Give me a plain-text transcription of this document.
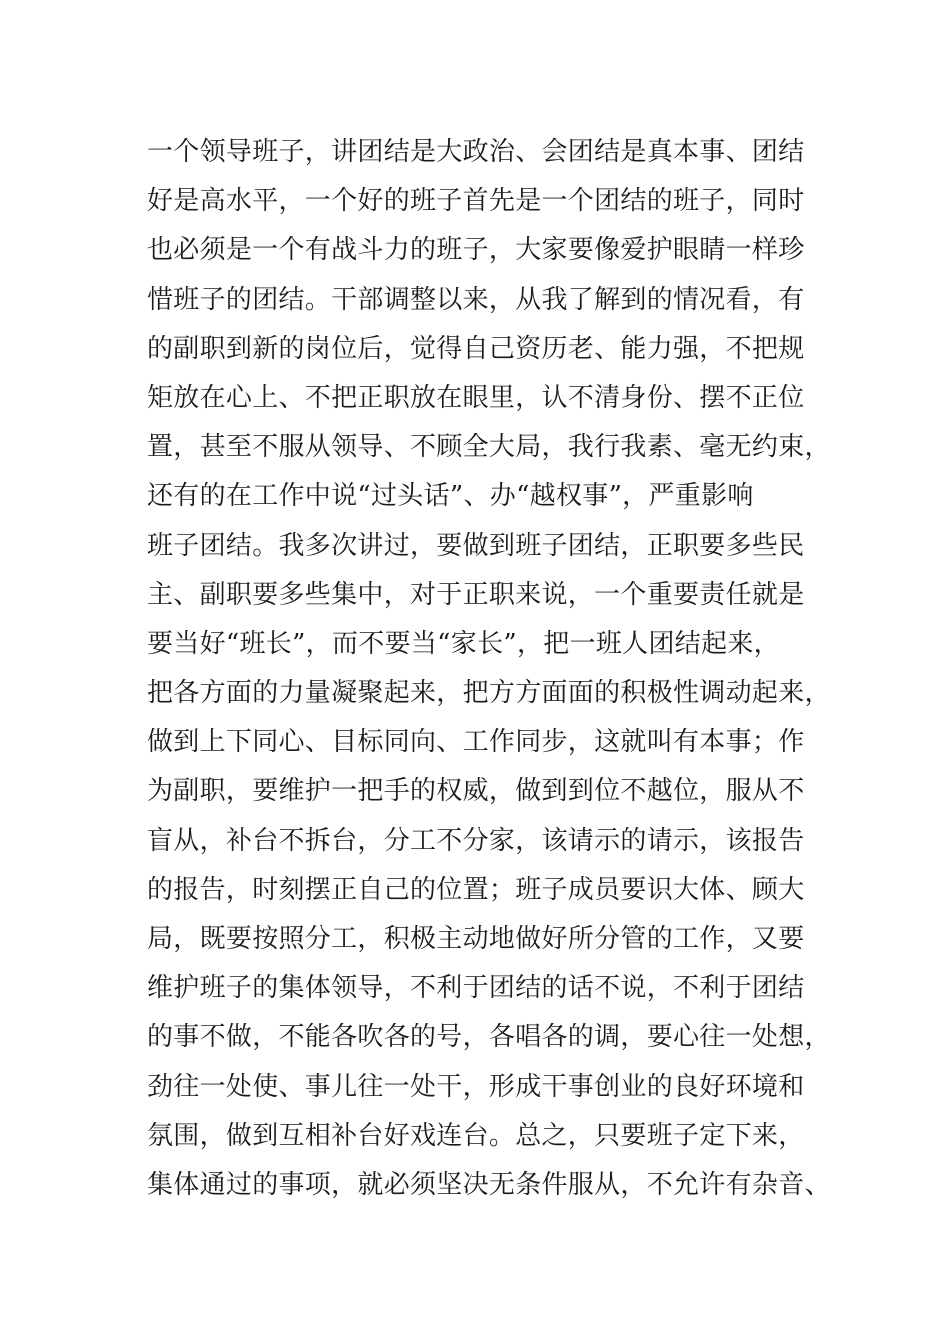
一个领导班子，讲团结是大政治、会团结是真本事、团结
好是高水平，一个好的班子首先是一个团结的班子，同时
也必须是一个有战斗力的班子，大家要像爱护眼睛一样珍
惜班子的团结。干部调整以来，从我了解到的情况看，有
的副职到新的岗位后，觉得自己资历老、能力强，不把规
矩放在心上、不把正职放在眼里，认不清身份、摆不正位
置，甚至不服从领导、不顾全大局，我行我素、毫无约束，
还有的在工作中说“过头话”、办“越权事”，严重影响
班子团结。我多次讲过，要做到班子团结，正职要多些民
主、副职要多些集中，对于正职来说，一个重要责任就是
要当好“班长”，而不要当“家长”，把一班人团结起来，
把各方面的力量凝聚起来，把方方面面的积极性调动起来，
做到上下同心、目标同向、工作同步，这就叫有本事；作
为副职，要维护一把手的权威，做到到位不越位，服从不
盲从，补台不拆台，分工不分家，该请示的请示，该报告
的报告，时刻摆正自己的位置；班子成员要识大体、顾大
局，既要按照分工，积极主动地做好所分管的工作，又要
维护班子的集体领导，不利于团结的话不说，不利于团结
的事不做，不能各吹各的号，各唱各的调，要心往一处想，
劲往一处使、事儿往一处干，形成干事创业的良好环境和
氛围，做到互相补台好戏连台。总之，只要班子定下来，
集体通过的事项，就必须坚决无条件服从，不允许有杂音、
